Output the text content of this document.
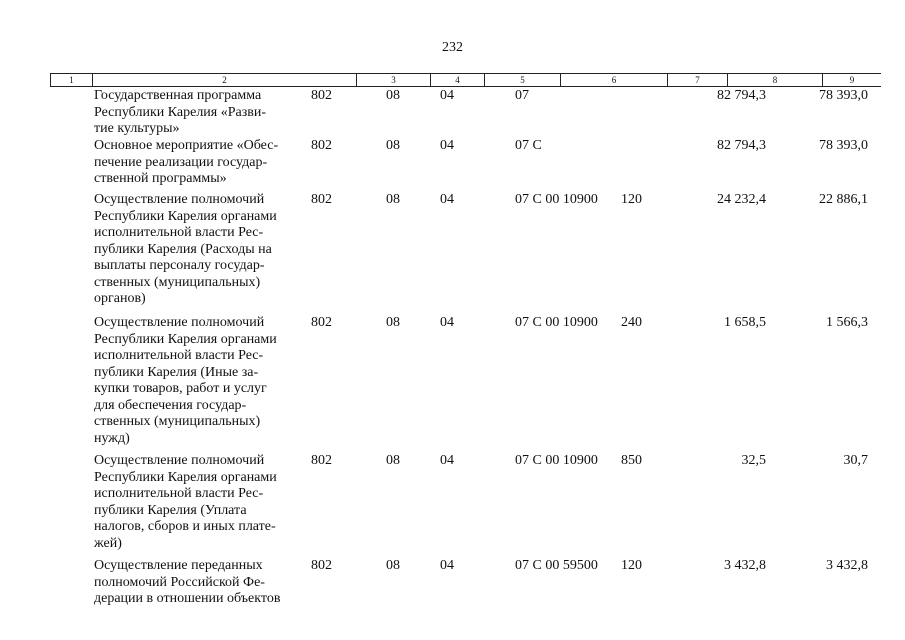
232
1	2	3	4	5	6	7	8	9
Государственная программа
Республики Карелия «Разви-
тие культуры»
802	08	04	07	82 794,3	78 393,0
Основное мероприятие «Обес-
печение реализации государ-
ственной программы»
802	08	04	07 С	82 794,3	78 393,0
Осуществление полномочий
Республики Карелия органами
исполнительной власти Рес-
публики Карелия (Расходы на
выплаты персоналу государ-
ственных (муниципальных)
органов)
802	08	04	07 С 00 10900 120	24 232,4	22 886,1
Осуществление полномочий
Республики Карелия органами
исполнительной власти Рес-
публики Карелия (Иные за-
купки товаров, работ и услуг
для обеспечения государ-
ственных (муниципальных)
нужд)
802	08	04	07 С 00 10900 240	1 658,5	1 566,3
Осуществление полномочий
Республики Карелия органами
исполнительной власти Рес-
публики Карелия (Уплата
налогов, сборов и иных плате-
жей)
802	08	04	07 С 00 10900 850	32,5	30,7
Осуществление переданных
полномочий Российской Фе-
дерации в отношении объектов
802	08	04	07 С 00 59500 120	3 432,8	3 432,8
